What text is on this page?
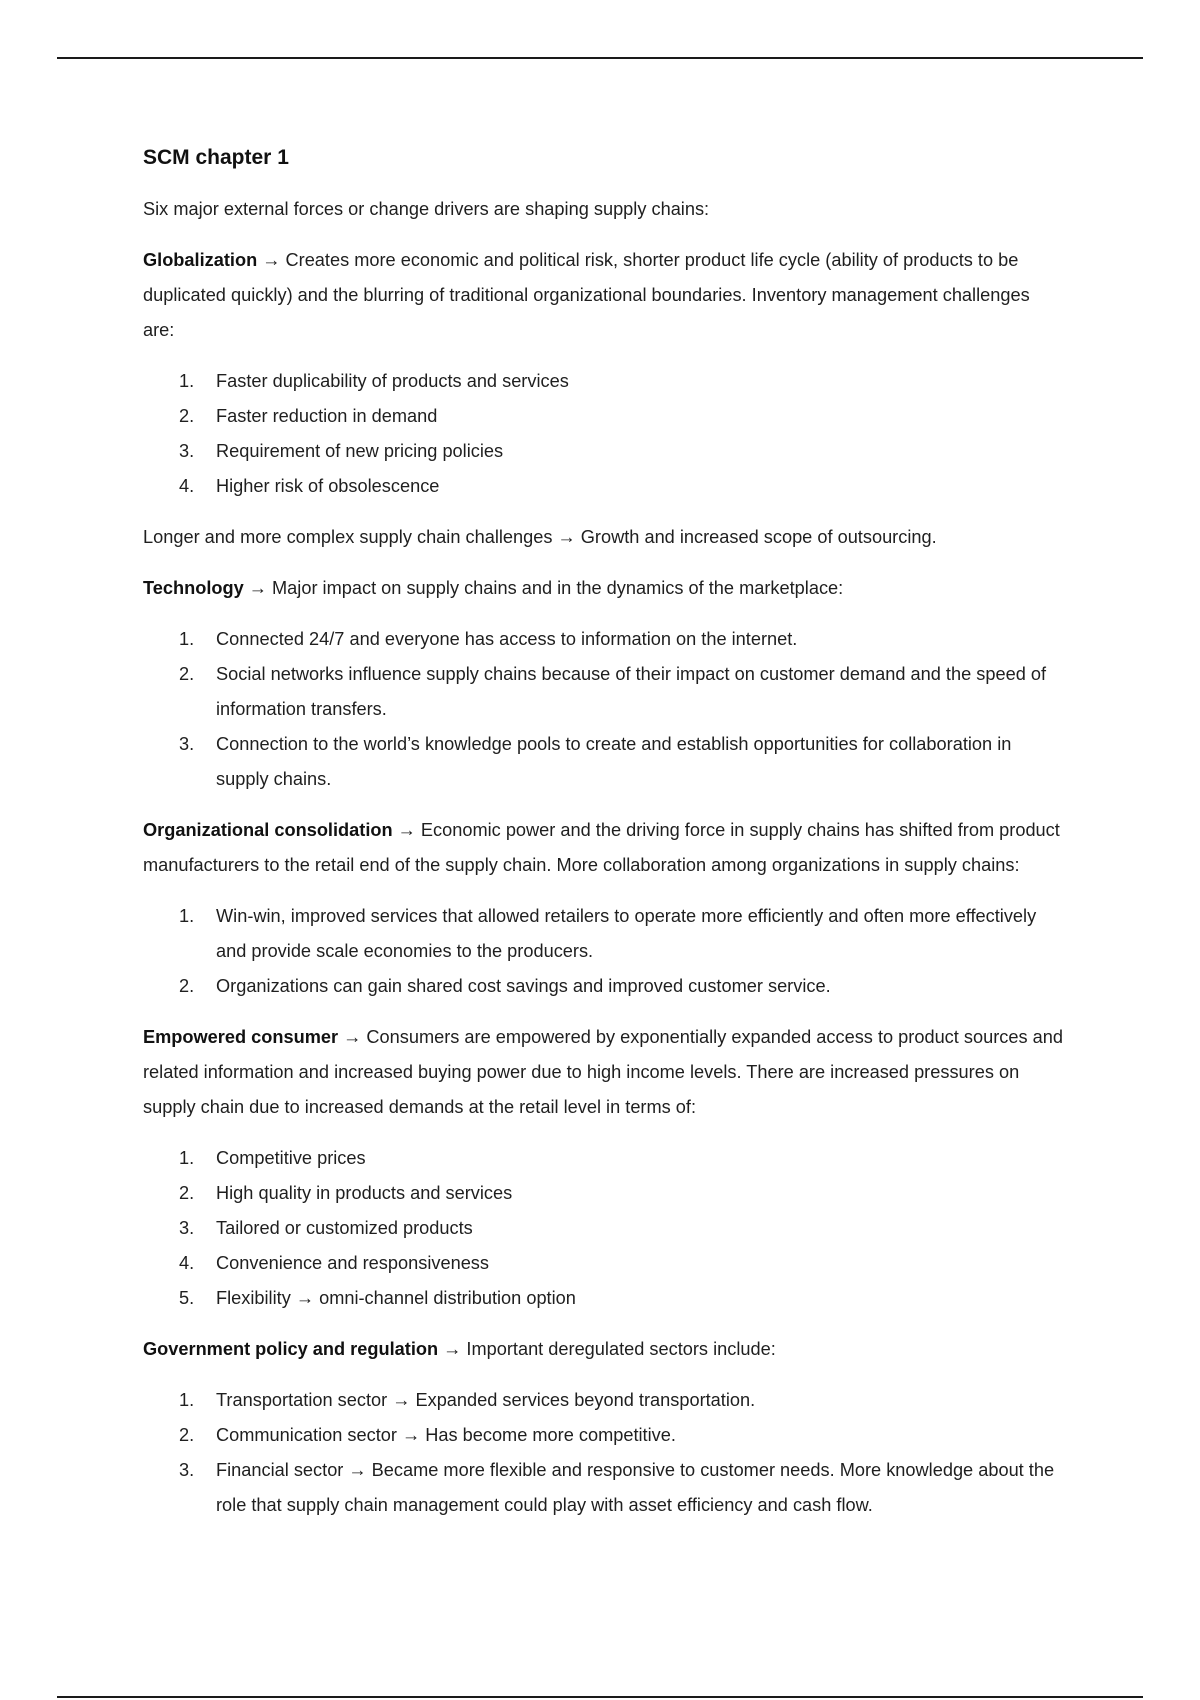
SCM chapter 1

Six major external forces or change drivers are shaping supply chains:

Globalization → Creates more economic and political risk, shorter product life cycle (ability of products to be duplicated quickly) and the blurring of traditional organizational boundaries. Inventory management challenges are:

1. Faster duplicability of products and services
2. Faster reduction in demand
3. Requirement of new pricing policies
4. Higher risk of obsolescence

Longer and more complex supply chain challenges → Growth and increased scope of outsourcing.

Technology → Major impact on supply chains and in the dynamics of the marketplace:

1. Connected 24/7 and everyone has access to information on the internet.
2. Social networks influence supply chains because of their impact on customer demand and the speed of information transfers.
3. Connection to the world’s knowledge pools to create and establish opportunities for collaboration in supply chains.

Organizational consolidation → Economic power and the driving force in supply chains has shifted from product manufacturers to the retail end of the supply chain. More collaboration among organizations in supply chains:

1. Win-win, improved services that allowed retailers to operate more efficiently and often more effectively and provide scale economies to the producers.
2. Organizations can gain shared cost savings and improved customer service.

Empowered consumer → Consumers are empowered by exponentially expanded access to product sources and related information and increased buying power due to high income levels. There are increased pressures on supply chain due to increased demands at the retail level in terms of:

1. Competitive prices
2. High quality in products and services
3. Tailored or customized products
4. Convenience and responsiveness
5. Flexibility → omni-channel distribution option

Government policy and regulation → Important deregulated sectors include:

1. Transportation sector → Expanded services beyond transportation.
2. Communication sector → Has become more competitive.
3. Financial sector → Became more flexible and responsive to customer needs. More knowledge about the role that supply chain management could play with asset efficiency and cash flow.
